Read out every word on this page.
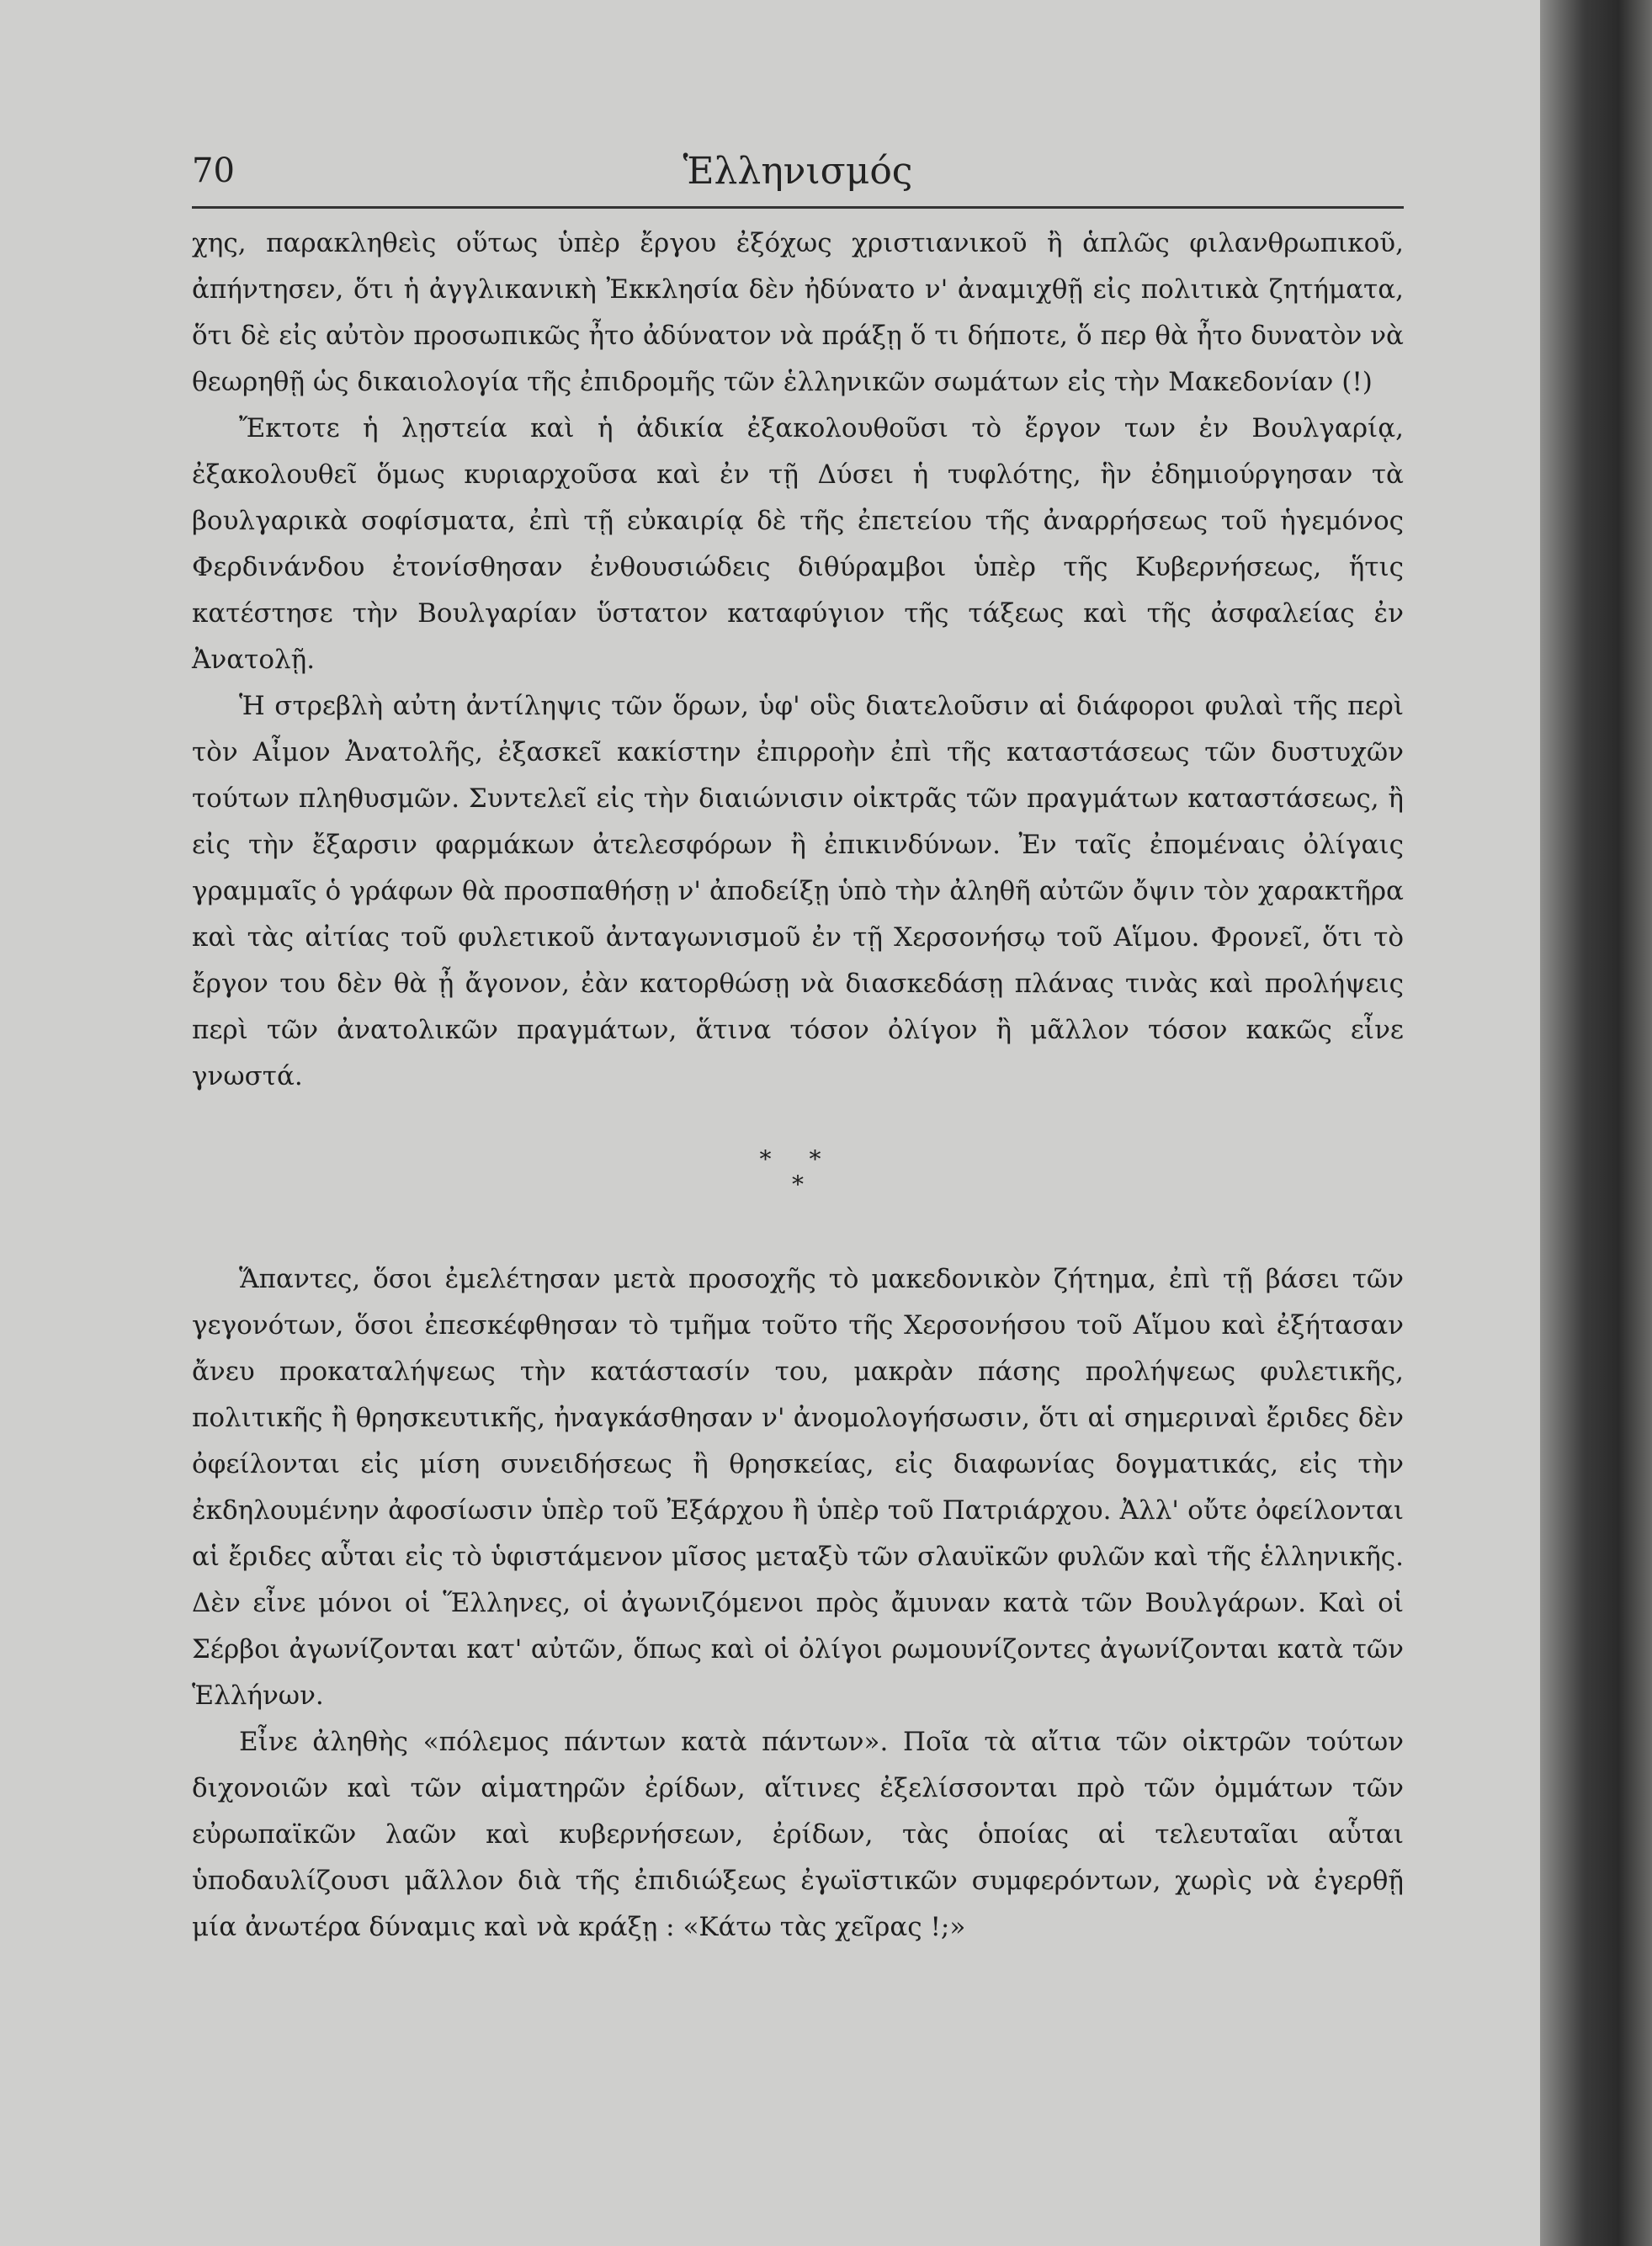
70	Ἑλληνισμός

χης, παρακληθεὶς οὕτως ὑπὲρ ἔργου ἐξόχως χριστιανικοῦ ἢ ἁπλῶς φιλανθρωπικοῦ, ἀπήντησεν, ὅτι ἡ ἀγγλικανικὴ Ἐκκλησία δὲν ἠδύνατο ν' ἀναμιχθῇ εἰς πολιτικὰ ζητήματα, ὅτι δὲ εἰς αὐτὸν προσωπικῶς ἦτο ἀδύνατον νὰ πράξῃ ὅ τι δήποτε, ὅ περ θὰ ἦτο δυνατὸν νὰ θεωρηθῇ ὡς δικαιολογία τῆς ἐπιδρομῆς τῶν ἑλληνικῶν σωμάτων εἰς τὴν Μακεδονίαν (!)

Ἔκτοτε ἡ λῃστεία καὶ ἡ ἀδικία ἐξακολουθοῦσι τὸ ἔργον των ἐν Βουλγαρίᾳ, ἐξακολουθεῖ ὅμως κυριαρχοῦσα καὶ ἐν τῇ Δύσει ἡ τυφλότης, ἣν ἐδημιούργησαν τὰ βουλγαρικὰ σοφίσματα, ἐπὶ τῇ εὐκαιρίᾳ δὲ τῆς ἐπετείου τῆς ἀναρρήσεως τοῦ ἡγεμόνος Φερδινάνδου ἐτονίσθησαν ἐνθουσιώδεις διθύραμβοι ὑπὲρ τῆς Κυβερνήσεως, ἥτις κατέστησε τὴν Βουλγαρίαν ὕστατον καταφύγιον τῆς τάξεως καὶ τῆς ἀσφαλείας ἐν Ἀνατολῇ.

Ἡ στρεβλὴ αὐτη ἀντίληψις τῶν ὅρων, ὑφ' οὓς διατελοῦσιν αἱ διάφοροι φυλαὶ τῆς περὶ τὸν Αἶμον Ἀνατολῆς, ἐξασκεῖ κακίστην ἐπιρροὴν ἐπὶ τῆς καταστάσεως τῶν δυστυχῶν τούτων πληθυσμῶν. Συντελεῖ εἰς τὴν διαιώνισιν οἰκτρᾶς τῶν πραγμάτων καταστάσεως, ἢ εἰς τὴν ἔξαρσιν φαρμάκων ἀτελεσφόρων ἢ ἐπικινδύνων. Ἐν ταῖς ἐπομέναις ὀλίγαις γραμμαῖς ὁ γράφων θὰ προσπαθήσῃ ν' ἀποδείξῃ ὑπὸ τὴν ἀληθῆ αὐτῶν ὄψιν τὸν χαρακτῆρα καὶ τὰς αἰτίας τοῦ φυλετικοῦ ἀνταγωνισμοῦ ἐν τῇ Χερσονήσῳ τοῦ Αἵμου. Φρονεῖ, ὅτι τὸ ἔργον του δὲν θὰ ᾖ ἄγονον, ἐὰν κατορθώσῃ νὰ διασκεδάσῃ πλάνας τινὰς καὶ προλήψεις περὶ τῶν ἀνατολικῶν πραγμάτων, ἅτινα τόσον ὀλίγον ἢ μᾶλλον τόσον κακῶς εἶνε γνωστά.

* *
*

Ἅπαντες, ὅσοι ἐμελέτησαν μετὰ προσοχῆς τὸ μακεδονικὸν ζήτημα, ἐπὶ τῇ βάσει τῶν γεγονότων, ὅσοι ἐπεσκέφθησαν τὸ τμῆμα τοῦτο τῆς Χερσονήσου τοῦ Αἵμου καὶ ἐξήτασαν ἄνευ προκαταλήψεως τὴν κατάστασίν του, μακρὰν πάσης προλήψεως φυλετικῆς, πολιτικῆς ἢ θρησκευτικῆς, ἠναγκάσθησαν ν' ἀνομολογήσωσιν, ὅτι αἱ σημεριναὶ ἔριδες δὲν ὀφείλονται εἰς μίση συνειδήσεως ἢ θρησκείας, εἰς διαφωνίας δογματικάς, εἰς τὴν ἐκδηλουμένην ἀφοσίωσιν ὑπὲρ τοῦ Ἐξάρχου ἢ ὑπὲρ τοῦ Πατριάρχου. Ἀλλ' οὔτε ὀφείλονται αἱ ἔριδες αὗται εἰς τὸ ὑφιστάμενον μῖσος μεταξὺ τῶν σλαυϊκῶν φυλῶν καὶ τῆς ἑλληνικῆς. Δὲν εἶνε μόνοι οἱ Ἕλληνες, οἱ ἀγωνιζόμενοι πρὸς ἄμυναν κατὰ τῶν Βουλγάρων. Καὶ οἱ Σέρβοι ἀγωνίζονται κατ' αὐτῶν, ὅπως καὶ οἱ ὀλίγοι ρωμουνίζοντες ἀγωνίζονται κατὰ τῶν Ἑλλήνων.

Εἶνε ἀληθὴς «πόλεμος πάντων κατὰ πάντων». Ποῖα τὰ αἴτια τῶν οἰκτρῶν τούτων διχονοιῶν καὶ τῶν αἱματηρῶν ἐρίδων, αἵτινες ἐξελίσσονται πρὸ τῶν ὀμμάτων τῶν εὐρωπαϊκῶν λαῶν καὶ κυβερνήσεων, ἐρίδων, τὰς ὁποίας αἱ τελευταῖαι αὗται ὑποδαυλίζουσι μᾶλλον διὰ τῆς ἐπιδιώξεως ἐγωϊστικῶν συμφερόντων, χωρὶς νὰ ἐγερθῇ μία ἀνωτέρα δύναμις καὶ νὰ κράξῃ : «Κάτω τὰς χεῖρας !;»
